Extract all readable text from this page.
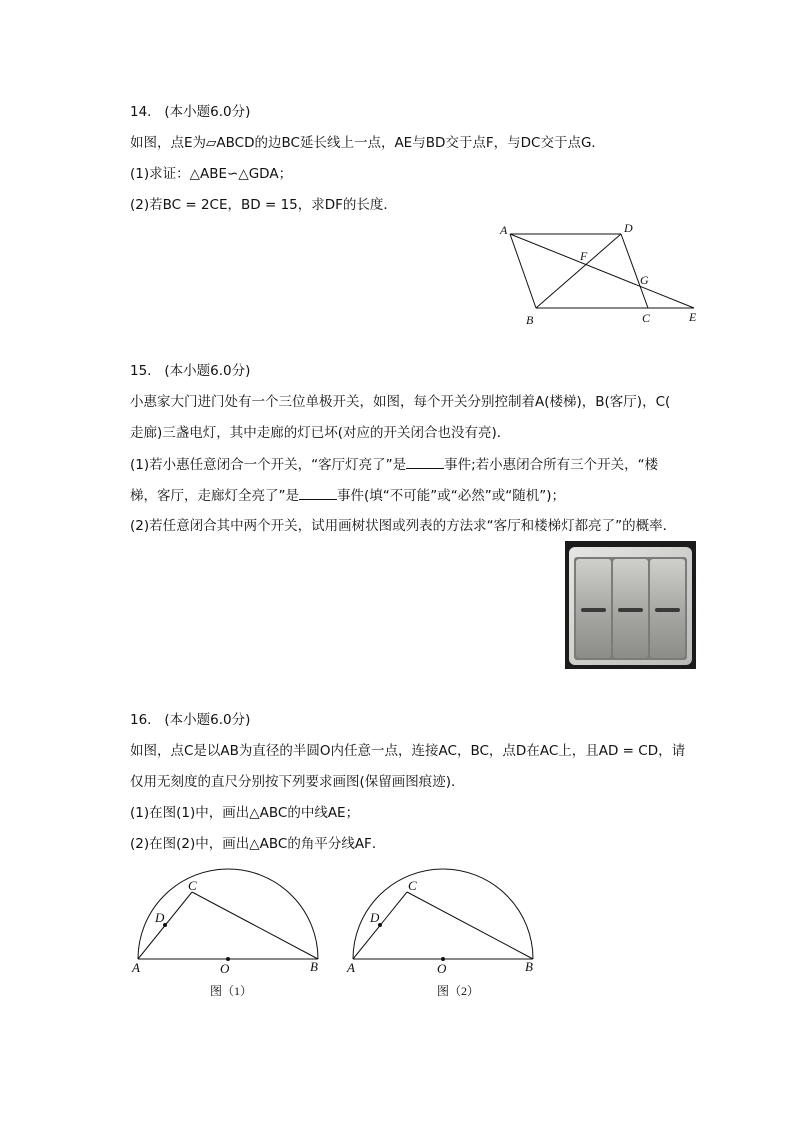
14. (本小题6.0分)
如图，点E为▱ABCD的边BC延长线上一点，AE与BD交于点F，与DC交于点G．
(1)求证：△ABE∽△GDA；
(2)若BC = 2CE，BD = 15，求DF的长度．
A	D
F
G
B	C	E
15. (本小题6.0分)
小惠家大门进门处有一个三位单极开关，如图，每个开关分别控制着A(楼梯)，B(客厅)，C(
走廊)三盏电灯，其中走廊的灯已坏(对应的开关闭合也没有亮)．
(1)若小惠任意闭合一个开关，“客厅灯亮了”是	事件;若小惠闭合所有三个开关，“楼
梯，客厅，走廊灯全亮了”是	事件(填“不可能”或“必然”或“随机”)；
(2)若任意闭合其中两个开关，试用画树状图或列表的方法求“客厅和楼梯灯都亮了”的概率．
16. (本小题6.0分)
如图，点C是以AB为直径的半圆O内任意一点，连接AC，BC，点D在AC上，且AD = CD，请
仅用无刻度的直尺分别按下列要求画图(保留画图痕迹)．
(1)在图(1)中，画出△ABC的中线AE；
(2)在图(2)中，画出△ABC的角平分线AF．
C
D
A	O	B
图（1）
C
D
A	O	B
图（2）
